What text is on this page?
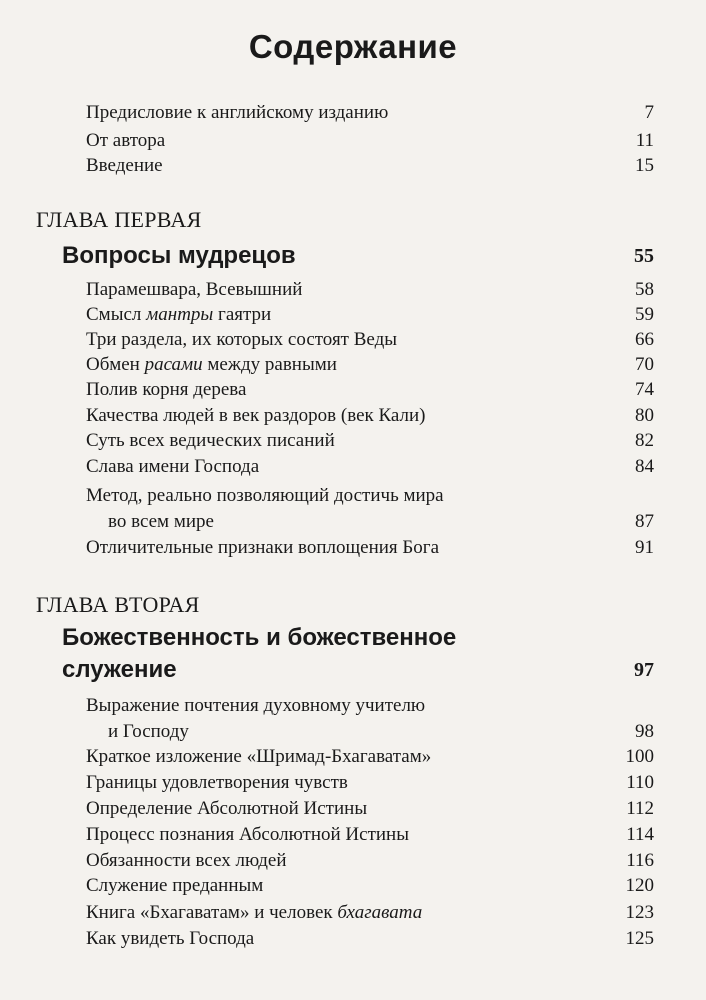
Содержание
Предисловие к английскому изданию	7
От автора	11
Введение	15
ГЛАВА ПЕРВАЯ
Вопросы мудрецов	55
Парамешвара, Всевышний	58
Смысл мантры гаятри	59
Три раздела, их которых состоят Веды	66
Обмен расами между равными	70
Полив корня дерева	74
Качества людей в век раздоров (век Кали)	80
Суть всех ведических писаний	82
Слава имени Господа	84
Метод, реально позволяющий достичь мира
во всем мире	87
Отличительные признаки воплощения Бога	91
ГЛАВА ВТОРАЯ
Божественность и божественное
служение	97
Выражение почтения духовному учителю
и Господу	98
Краткое изложение «Шримад-Бхагаватам»	100
Границы удовлетворения чувств	110
Определение Абсолютной Истины	112
Процесс познания Абсолютной Истины	114
Обязанности всех людей	116
Служение преданным	120
Книга «Бхагаватам» и человек бхагавата	123
Как увидеть Господа	125
